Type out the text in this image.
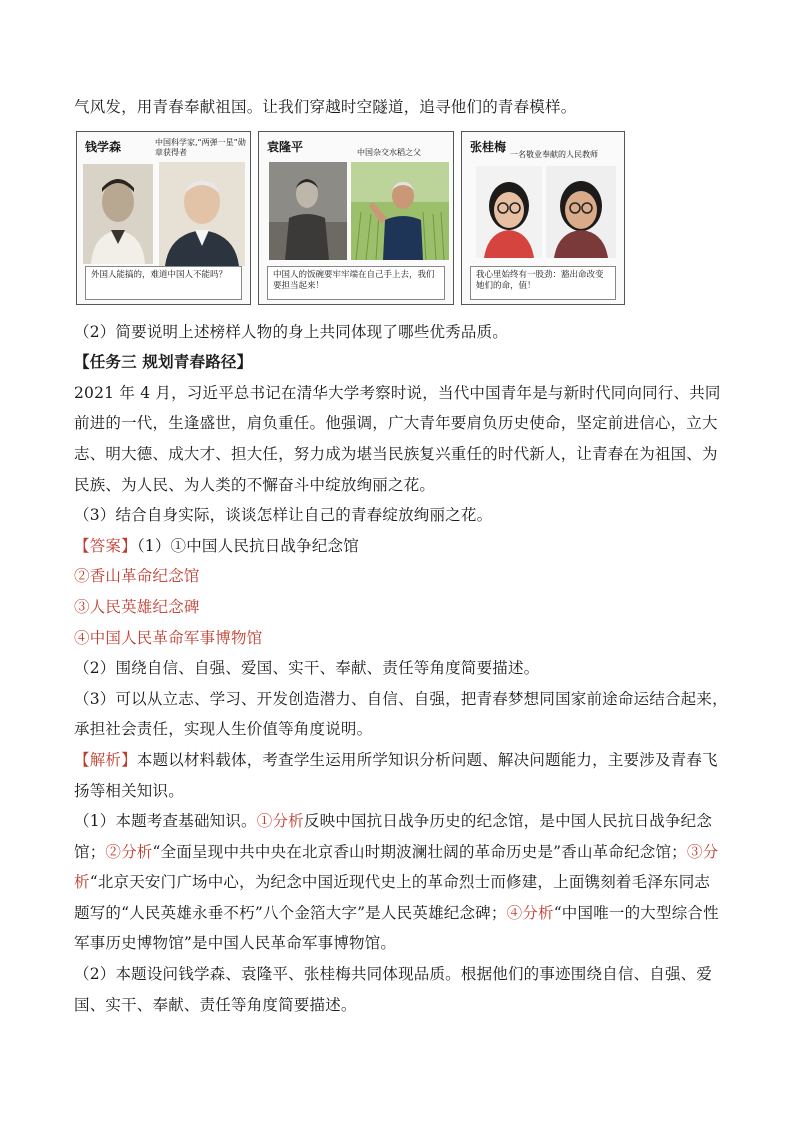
气风发，用青春奉献祖国。让我们穿越时空隧道，追寻他们的青春模样。
钱学森	中国科学家,“两弹一星”勋章获得者
外国人能搞的，难道中国人不能吗？
袁隆平	中国杂交水稻之父
中国人的饭碗要牢牢端在自己手上去，我们要担当起来！
张桂梅
一名敬业奉献的人民教师
我心里始终有一股劲：豁出命改变她们的命，值！
（2）简要说明上述榜样人物的身上共同体现了哪些优秀品质。
【任务三 规划青春路径】
2021 年 4 月，习近平总书记在清华大学考察时说，当代中国青年是与新时代同向同行、共同
前进的一代，生逢盛世，肩负重任。他强调，广大青年要肩负历史使命，坚定前进信心，立大
志、明大德、成大才、担大任，努力成为堪当民族复兴重任的时代新人，让青春在为祖国、为
民族、为人民、为人类的不懈奋斗中绽放绚丽之花。
（3）结合自身实际，谈谈怎样让自己的青春绽放绚丽之花。
【答案】（1）①中国人民抗日战争纪念馆
②香山革命纪念馆
③人民英雄纪念碑
④中国人民革命军事博物馆
（2）围绕自信、自强、爱国、实干、奉献、责任等角度简要描述。
（3）可以从立志、学习、开发创造潜力、自信、自强，把青春梦想同国家前途命运结合起来，
承担社会责任，实现人生价值等角度说明。
【解析】本题以材料载体，考查学生运用所学知识分析问题、解决问题能力，主要涉及青春飞
扬等相关知识。
（1）本题考查基础知识。①分析反映中国抗日战争历史的纪念馆，是中国人民抗日战争纪念
馆；②分析“全面呈现中共中央在北京香山时期波澜壮阔的革命历史是”香山革命纪念馆；③分
析“北京天安门广场中心，为纪念中国近现代史上的革命烈士而修建，上面镌刻着毛泽东同志
题写的“人民英雄永垂不朽”八个金箔大字”是人民英雄纪念碑；④分析“中国唯一的大型综合性
军事历史博物馆”是中国人民革命军事博物馆。
（2）本题设问钱学森、袁隆平、张桂梅共同体现品质。根据他们的事迹围绕自信、自强、爱
国、实干、奉献、责任等角度简要描述。
